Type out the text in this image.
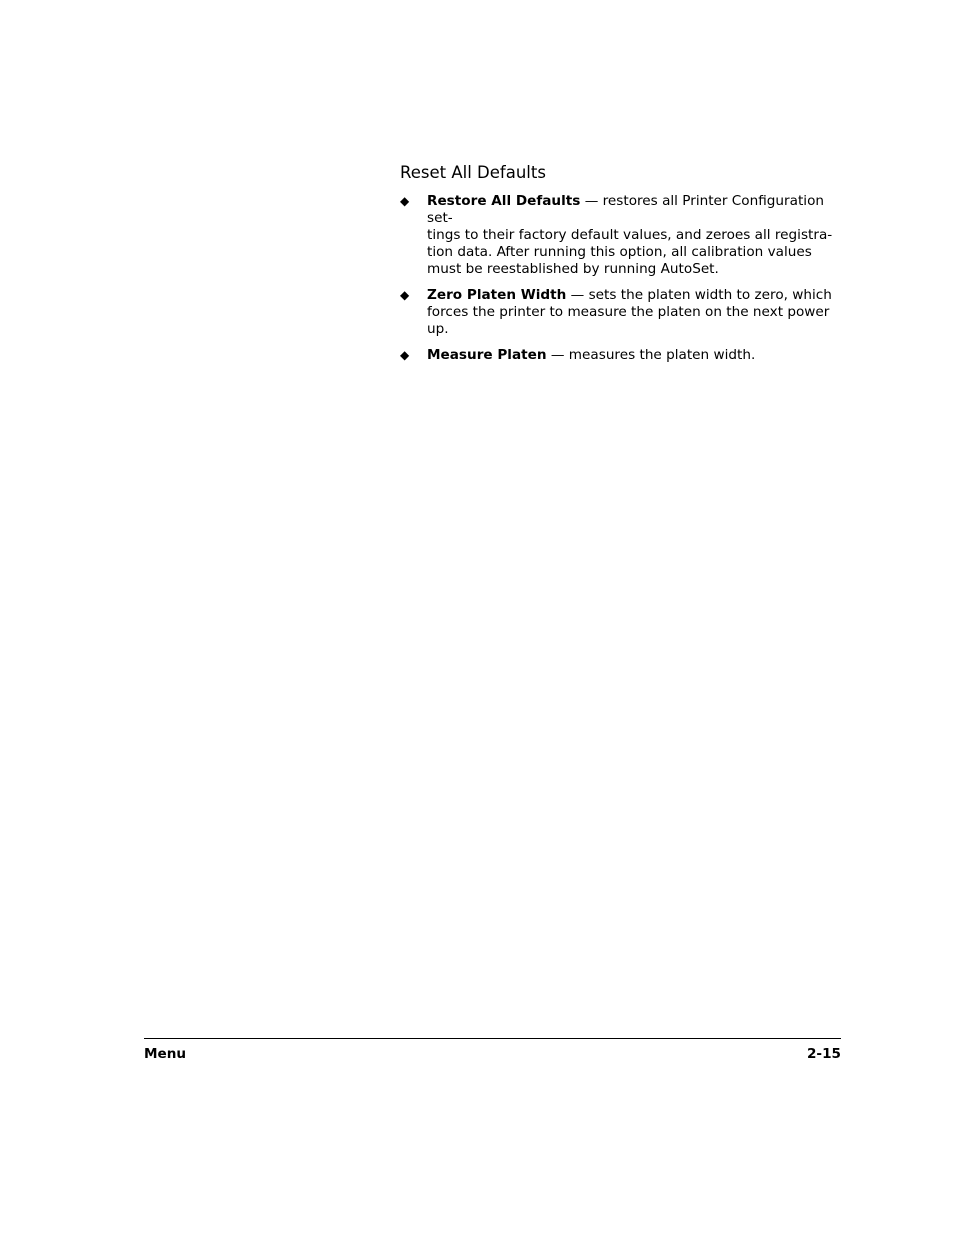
Reset All Defaults
◆ Restore All Defaults — restores all Printer Configuration set-
tings to their factory default values, and zeroes all registra-
tion data. After running this option, all calibration values
must be reestablished by running AutoSet.
◆ Zero Platen Width — sets the platen width to zero, which
forces the printer to measure the platen on the next power
up.
◆ Measure Platen — measures the platen width.
Menu	2-15
